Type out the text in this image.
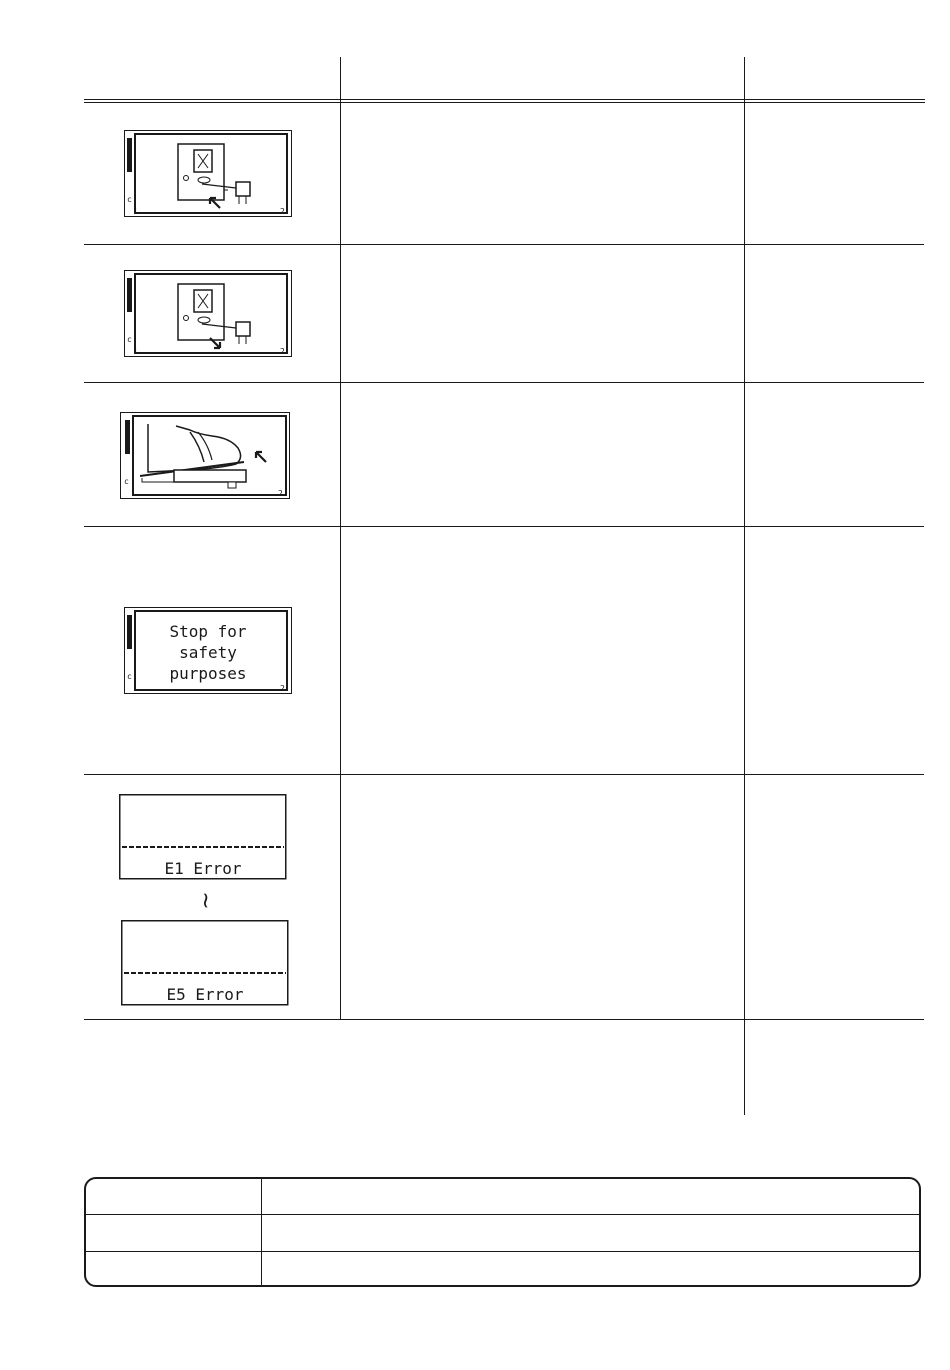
c
1	2
c
1	2
c
2
c
2
Stop for
safety
purposes
E1 Error
~
E5 Error
